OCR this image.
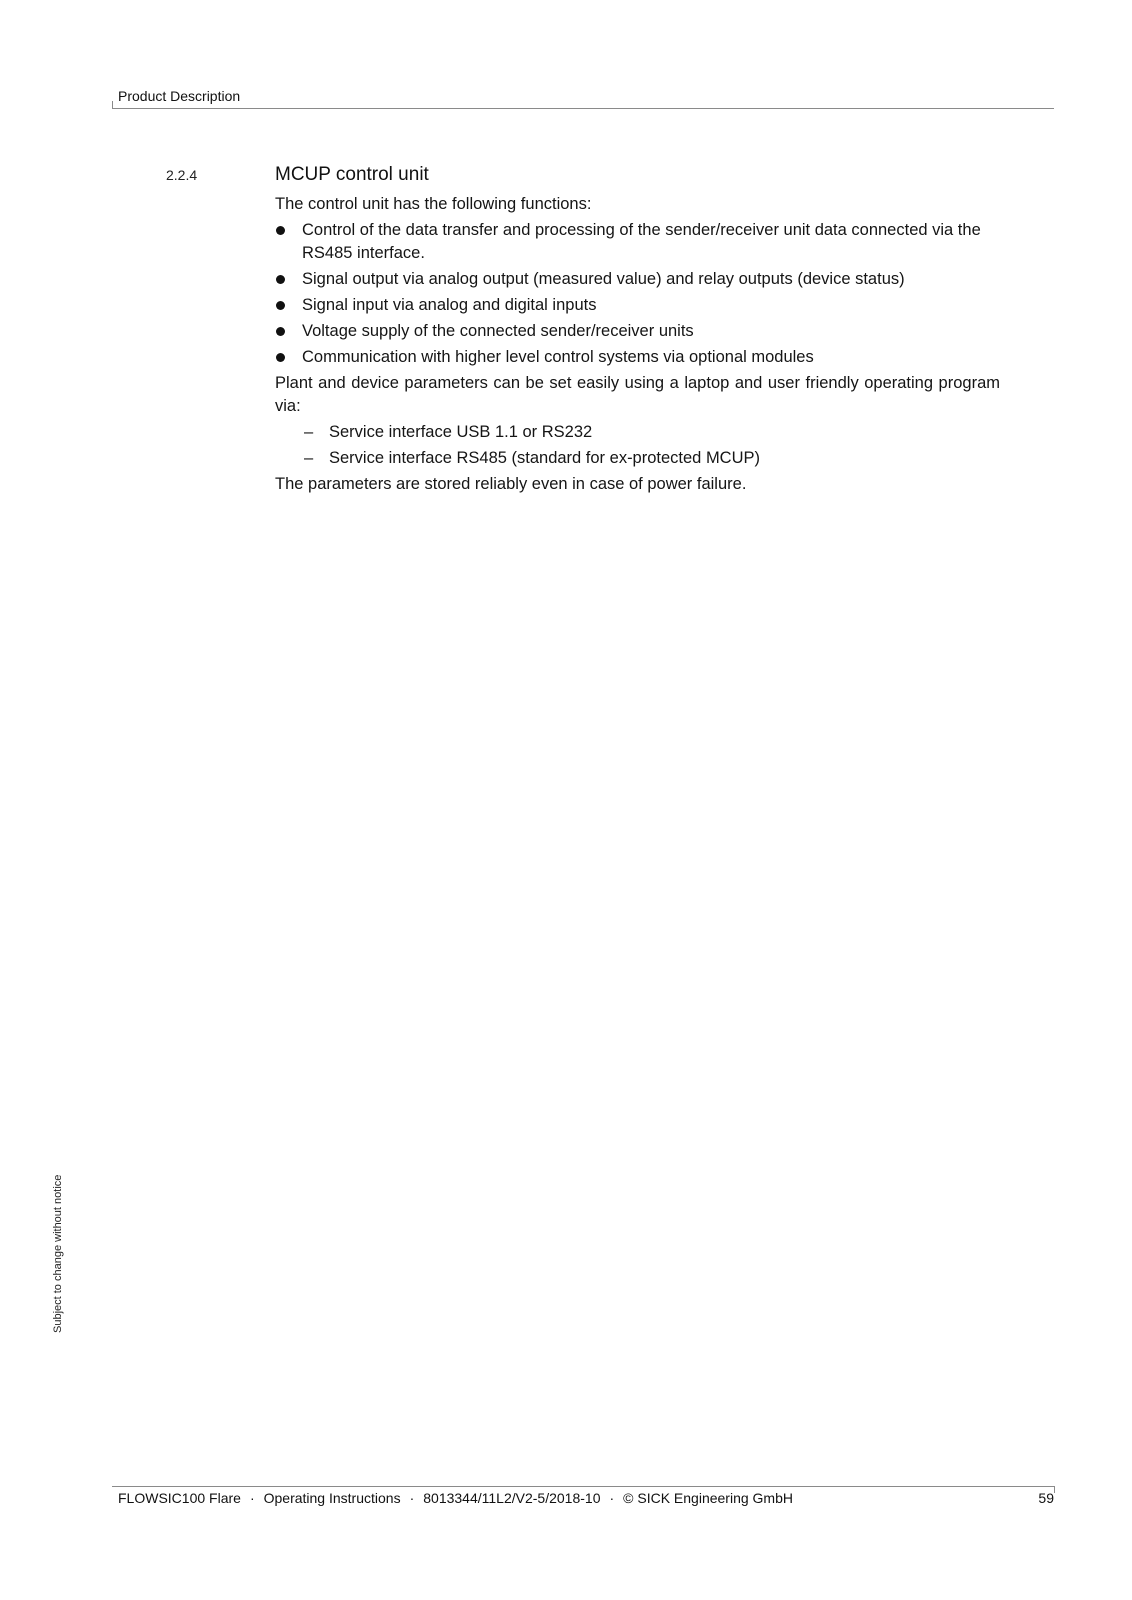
Product Description
2.2.4	MCUP control unit

The control unit has the following functions:

Control of the data transfer and processing of the sender/receiver unit data connected via the RS485 interface.
Signal output via analog output (measured value) and relay outputs (device status)
Signal input via analog and digital inputs
Voltage supply of the connected sender/receiver units
Communication with higher level control systems via optional modules

Plant and device parameters can be set easily using a laptop and user friendly operating program via:

– Service interface USB 1.1 or RS232
– Service interface RS485 (standard for ex-protected MCUP)

The parameters are stored reliably even in case of power failure.

Subject to change without notice
FLOWSIC100 Flare · Operating Instructions · 8013344/11L2/V2-5/2018-10 · © SICK Engineering GmbH	59
